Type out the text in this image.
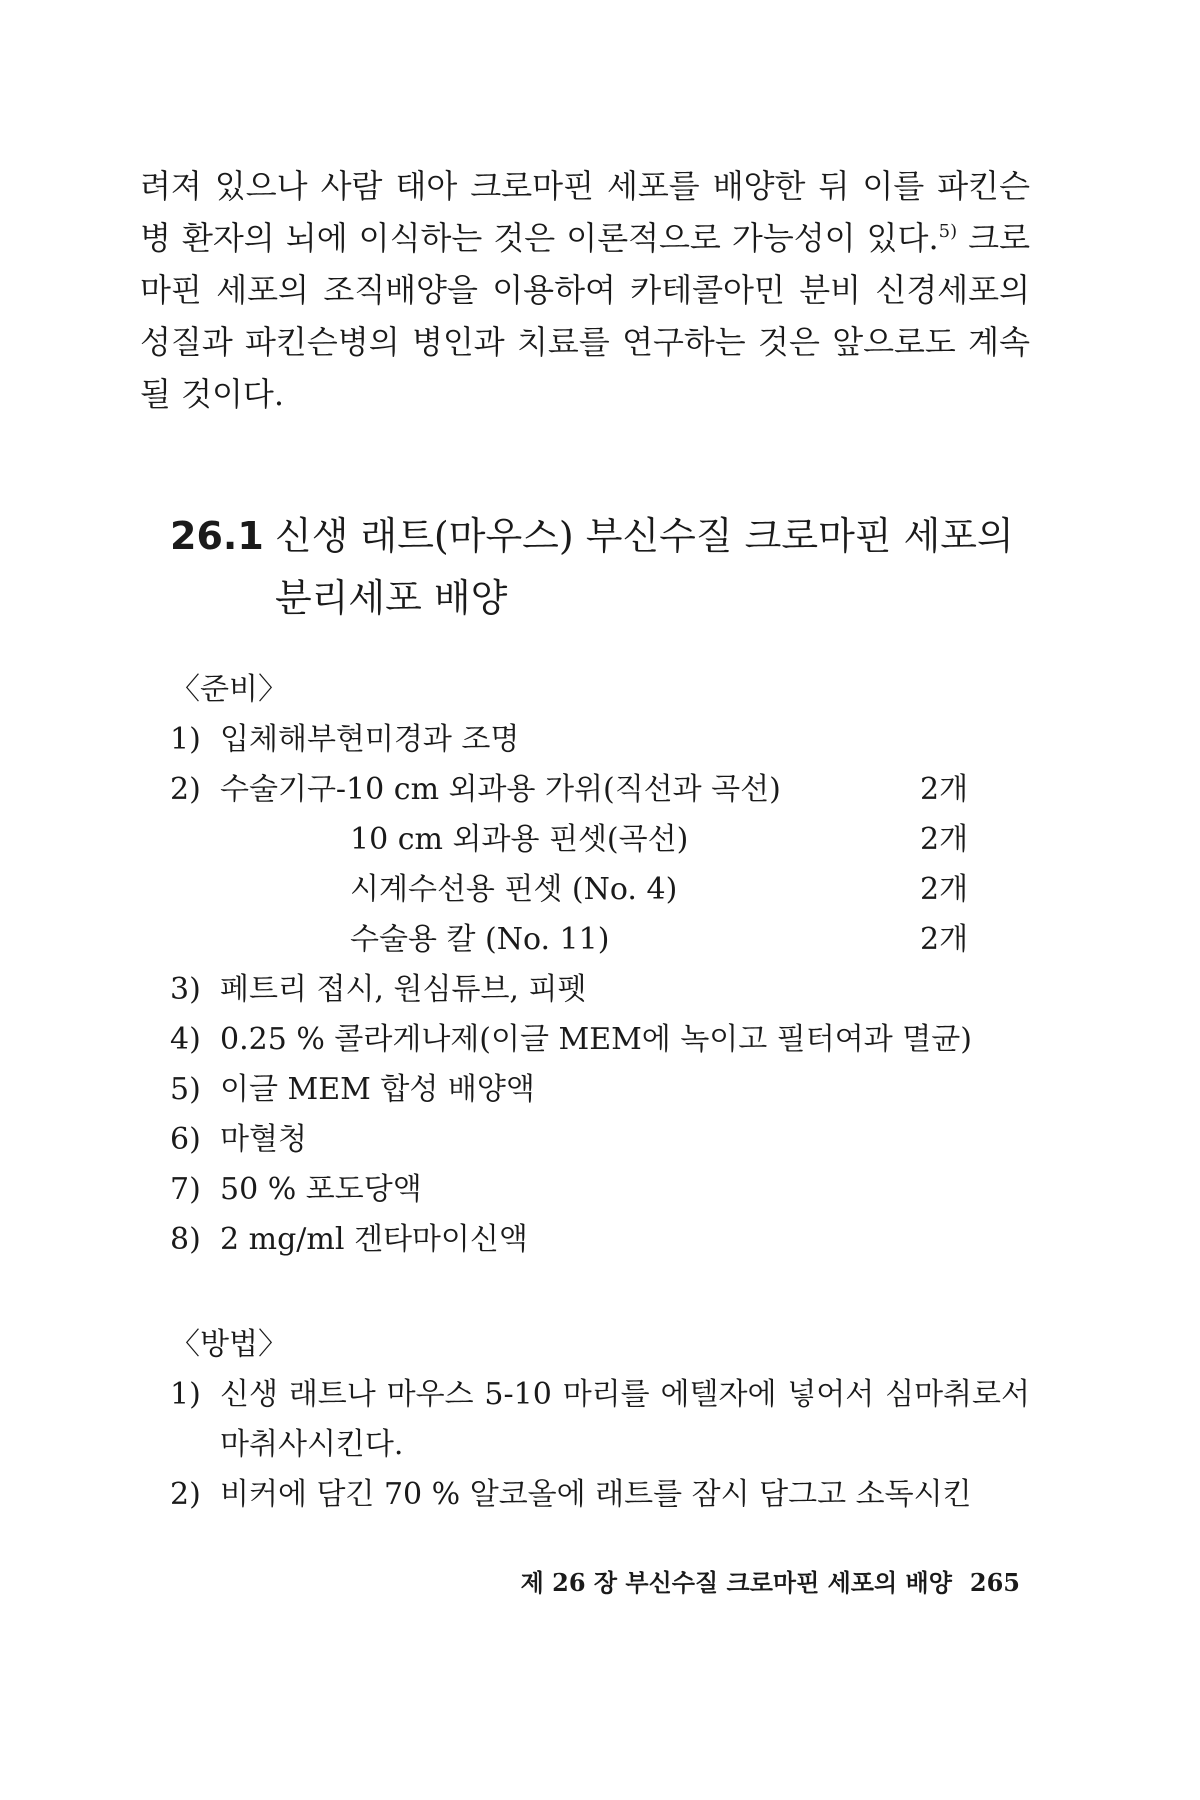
려져 있으나 사람 태아 크로마핀 세포를 배양한 뒤 이를 파킨슨병 환자의 뇌에 이식하는 것은 이론적으로 가능성이 있다.$^{5)}$ 크로마핀 세포의 조직배양을 이용하여 카테콜아민 분비 신경세포의 성질과 파킨슨병의 병인과 치료를 연구하는 것은 앞으로도 계속 될 것이다.

26.1 신생 래트(마우스) 부신수질 크로마핀 세포의 분리세포 배양

〈준비〉

1) 입체해부현미경과 조명
2) 수술기구-10 cm 외과용 가위(직선과 곡선)	2개
10 cm 외과용 핀셋(곡선)	2개
시계수선용 핀셋 (No. 4)	2개
수술용 칼 (No. 11)	2개
3) 페트리 접시, 원심튜브, 피펫
4) 0.25 % 콜라게나제(이글 MEM에 녹이고 필터여과 멸균)
5) 이글 MEM 합성 배양액
6) 마혈청
7) 50 % 포도당액
8) 2 mg/ml 겐타마이신액

〈방법〉

1) 신생 래트나 마우스 5-10 마리를 에텔자에 넣어서 심마취로서 마취사시킨다.
2) 비커에 담긴 70 % 알코올에 래트를 잠시 담그고 소독시킨

제 26 장 부신수질 크로마핀 세포의 배양 265
